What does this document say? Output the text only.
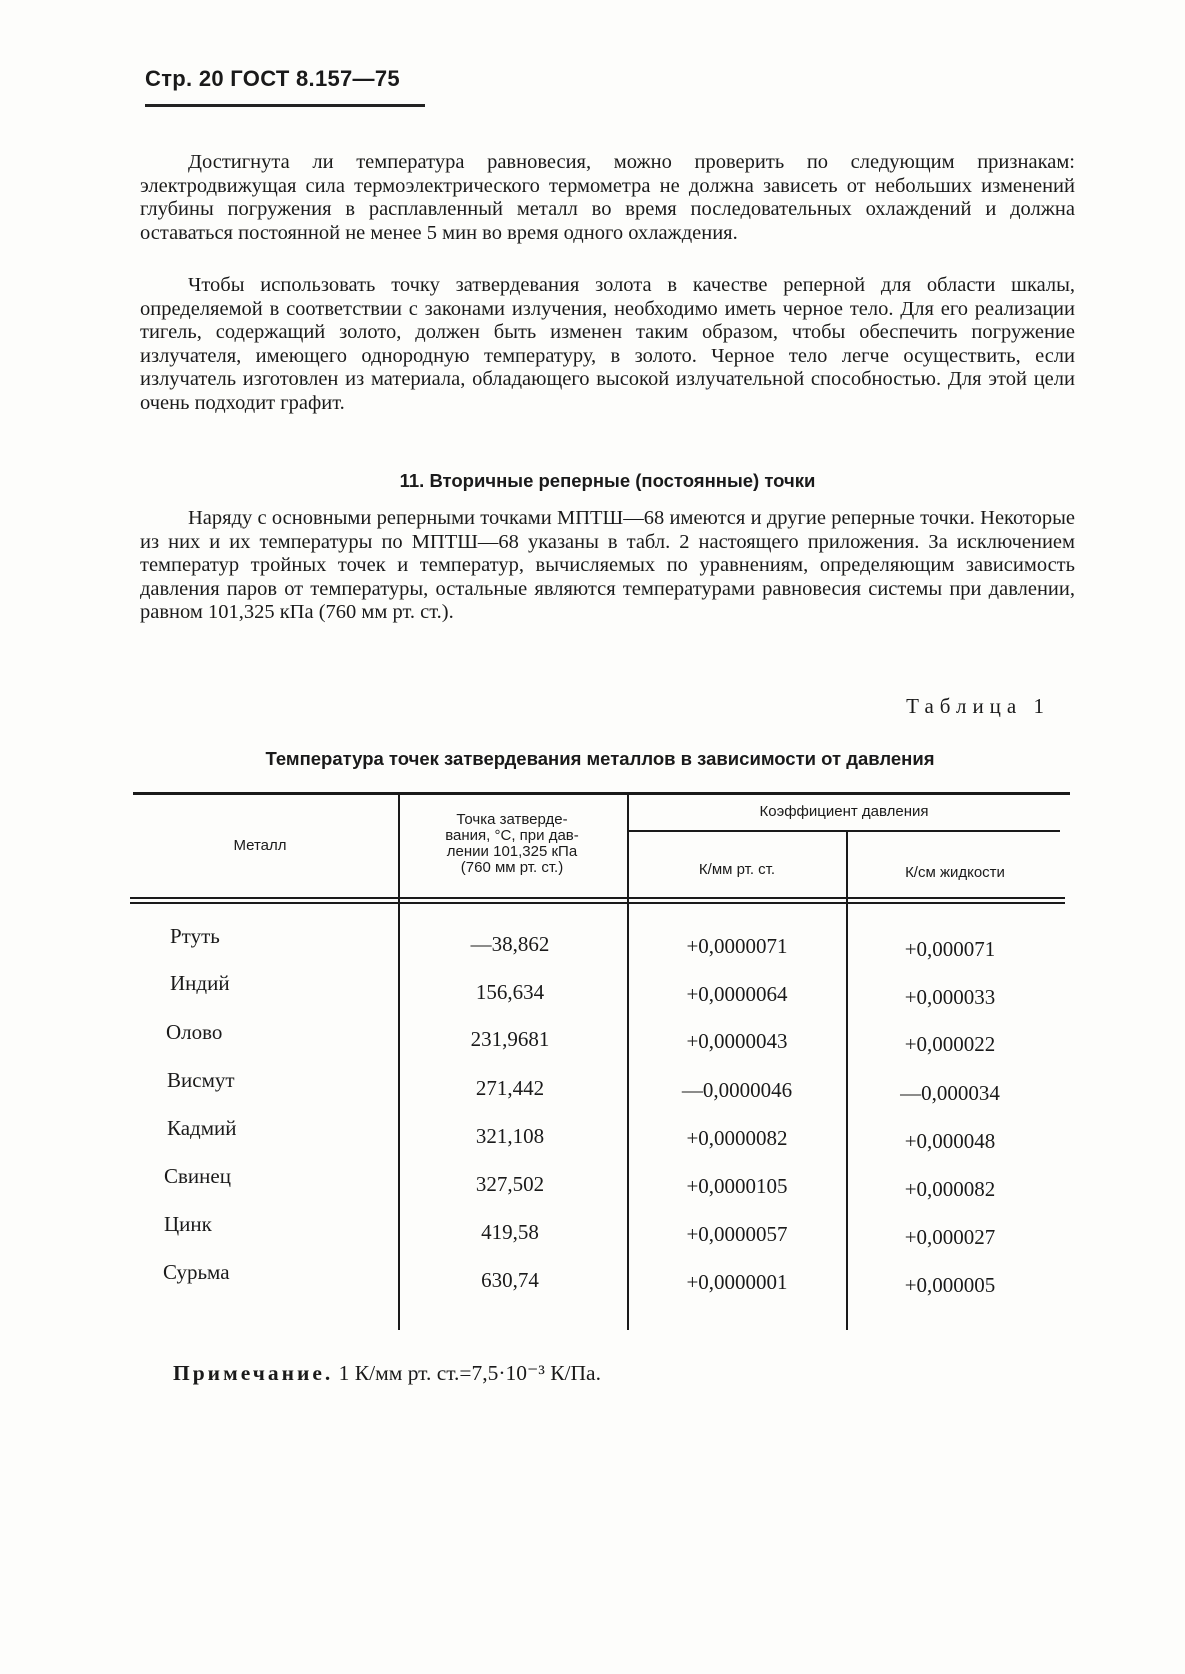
Стр. 20 ГОСТ 8.157—75

Достигнута ли температура равновесия, можно проверить по следующим признакам: электродвижущая сила термоэлектрического термометра не должна зависеть от небольших изменений глубины погружения в расплавленный металл во время последовательных охлаждений и должна оставаться постоянной не менее 5 мин во время одного охлаждения.

Чтобы использовать точку затвердевания золота в качестве реперной для области шкалы, определяемой в соответствии с законами излучения, необходимо иметь черное тело. Для его реализации тигель, содержащий золото, должен быть изменен таким образом, чтобы обеспечить погружение излучателя, имеющего однородную температуру, в золото. Черное тело легче осуществить, если излучатель изготовлен из материала, обладающего высокой излучательной способностью. Для этой цели очень подходит графит.

11. Вторичные реперные (постоянные) точки

Наряду с основными реперными точками МПТШ—68 имеются и другие реперные точки. Некоторые из них и их температуры по МПТШ—68 указаны в табл. 2 настоящего приложения. За исключением температур тройных точек и температур, вычисляемых по уравнениям, определяющим зависимость давления паров от температуры, остальные являются температурами равновесия системы при давлении, равном 101,325 кПа (760 мм рт. ст.).

Таблица 1
Температура точек затвердевания металлов в зависимости от давления
Металл
Точка затверде-
вания, °С, при дав-
лении 101,325 кПа
(760 мм рт. ст.)
Коэффициент давления
К/мм рт. ст.	К/см жидкости
Ртуть	—38,862	+0,0000071	+0,000071
Индий	156,634	+0,0000064	+0,000033
Олово	231,9681	+0,0000043	+0,000022
Висмут	271,442	—0,0000046	—0,000034
Кадмий	321,108	+0,0000082	+0,000048
Свинец	327,502	+0,0000105	+0,000082
Цинк	419,58	+0,0000057	+0,000027
Сурьма	630,74	+0,0000001	+0,000005
Примечание. 1 К/мм рт. ст.=7,5·10⁻³ К/Па.
